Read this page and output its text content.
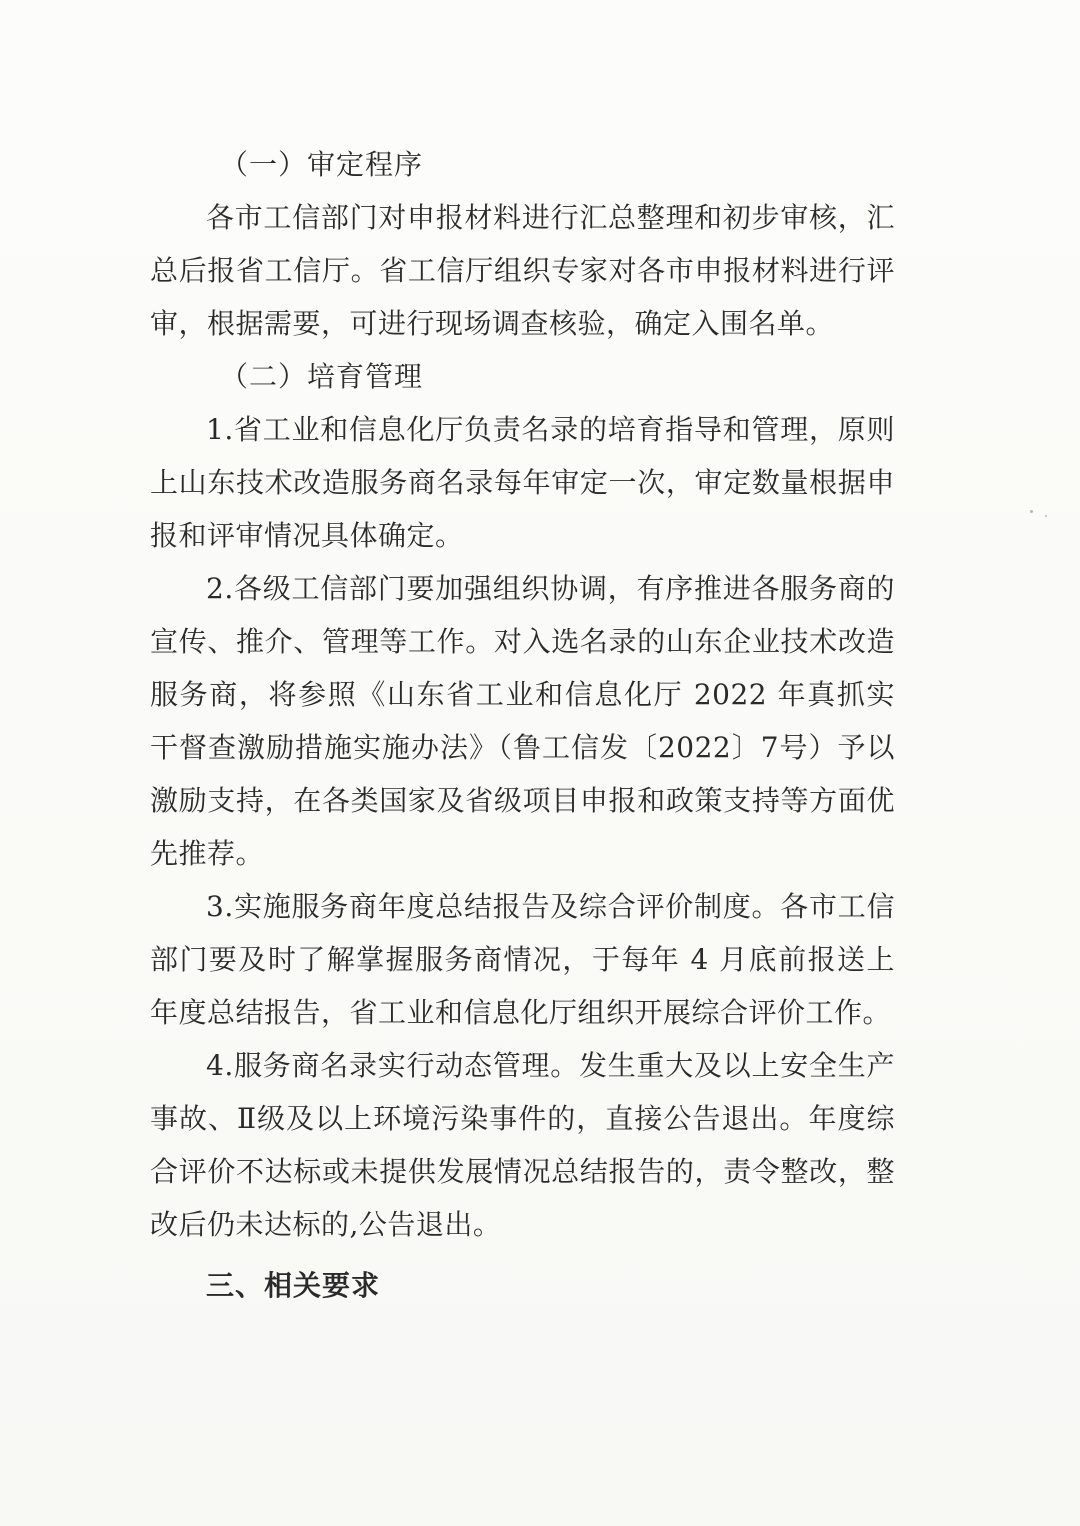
（一）审定程序

各市工信部门对申报材料进行汇总整理和初步审核，汇总后报省工信厅。省工信厅组织专家对各市申报材料进行评审，根据需要，可进行现场调查核验，确定入围名单。

（二）培育管理

1.省工业和信息化厅负责名录的培育指导和管理，原则上山东技术改造服务商名录每年审定一次，审定数量根据申报和评审情况具体确定。

2.各级工信部门要加强组织协调，有序推进各服务商的宣传、推介、管理等工作。对入选名录的山东企业技术改造服务商，将参照《山东省工业和信息化厅 2022 年真抓实干督查激励措施实施办法》（鲁工信发〔2022〕7号）予以激励支持，在各类国家及省级项目申报和政策支持等方面优先推荐。

3.实施服务商年度总结报告及综合评价制度。各市工信部门要及时了解掌握服务商情况，于每年 4 月底前报送上年度总结报告，省工业和信息化厅组织开展综合评价工作。

4.服务商名录实行动态管理。发生重大及以上安全生产事故、Ⅱ级及以上环境污染事件的，直接公告退出。年度综合评价不达标或未提供发展情况总结报告的，责令整改，整改后仍未达标的,公告退出。

三、相关要求
